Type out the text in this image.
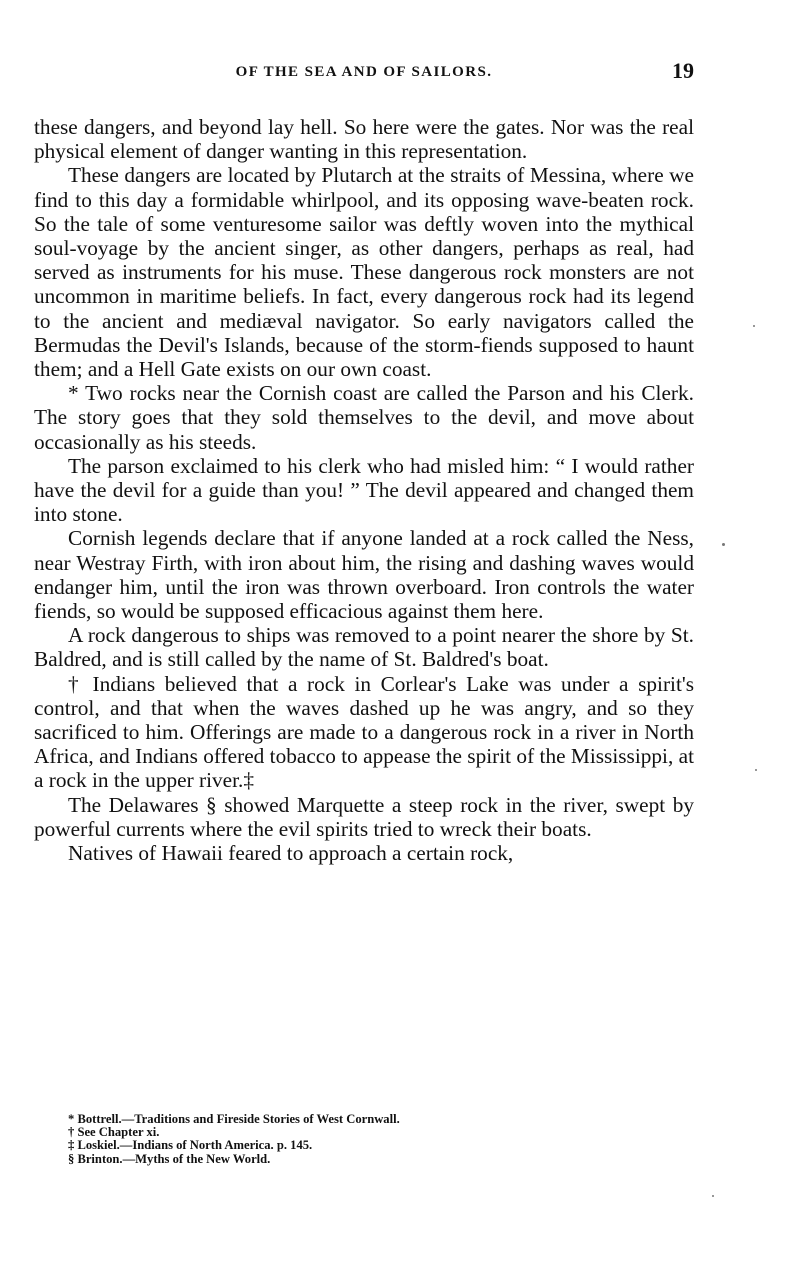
OF THE SEA AND OF SAILORS.	19

these dangers, and beyond lay hell. So here were the gates. Nor was the real physical element of danger wanting in this representation.

These dangers are located by Plutarch at the straits of Messina, where we find to this day a formidable whirlpool, and its opposing wave-beaten rock. So the tale of some venturesome sailor was deftly woven into the mythical soul-voyage by the ancient singer, as other dangers, perhaps as real, had served as instruments for his muse. These dangerous rock monsters are not uncommon in maritime beliefs. In fact, every dangerous rock had its legend to the ancient and mediæval navigator. So early navigators called the Bermudas the Devil's Islands, because of the storm-fiends supposed to haunt them; and a Hell Gate exists on our own coast.

* Two rocks near the Cornish coast are called the Parson and his Clerk. The story goes that they sold themselves to the devil, and move about occasionally as his steeds.

The parson exclaimed to his clerk who had misled him: “ I would rather have the devil for a guide than you! ” The devil appeared and changed them into stone.

Cornish legends declare that if anyone landed at a rock called the Ness, near Westray Firth, with iron about him, the rising and dashing waves would endanger him, until the iron was thrown overboard. Iron controls the water fiends, so would be supposed efficacious against them here.

A rock dangerous to ships was removed to a point nearer the shore by St. Baldred, and is still called by the name of St. Baldred's boat.

† Indians believed that a rock in Corlear's Lake was under a spirit's control, and that when the waves dashed up he was angry, and so they sacrificed to him. Offerings are made to a dangerous rock in a river in North Africa, and Indians offered tobacco to appease the spirit of the Mississippi, at a rock in the upper river.‡

The Delawares § showed Marquette a steep rock in the river, swept by powerful currents where the evil spirits tried to wreck their boats.

Natives of Hawaii feared to approach a certain rock,

* Bottrell.—Traditions and Fireside Stories of West Cornwall.

† See Chapter xi.

‡ Loskiel.—Indians of North America. p. 145.

§ Brinton.—Myths of the New World.
